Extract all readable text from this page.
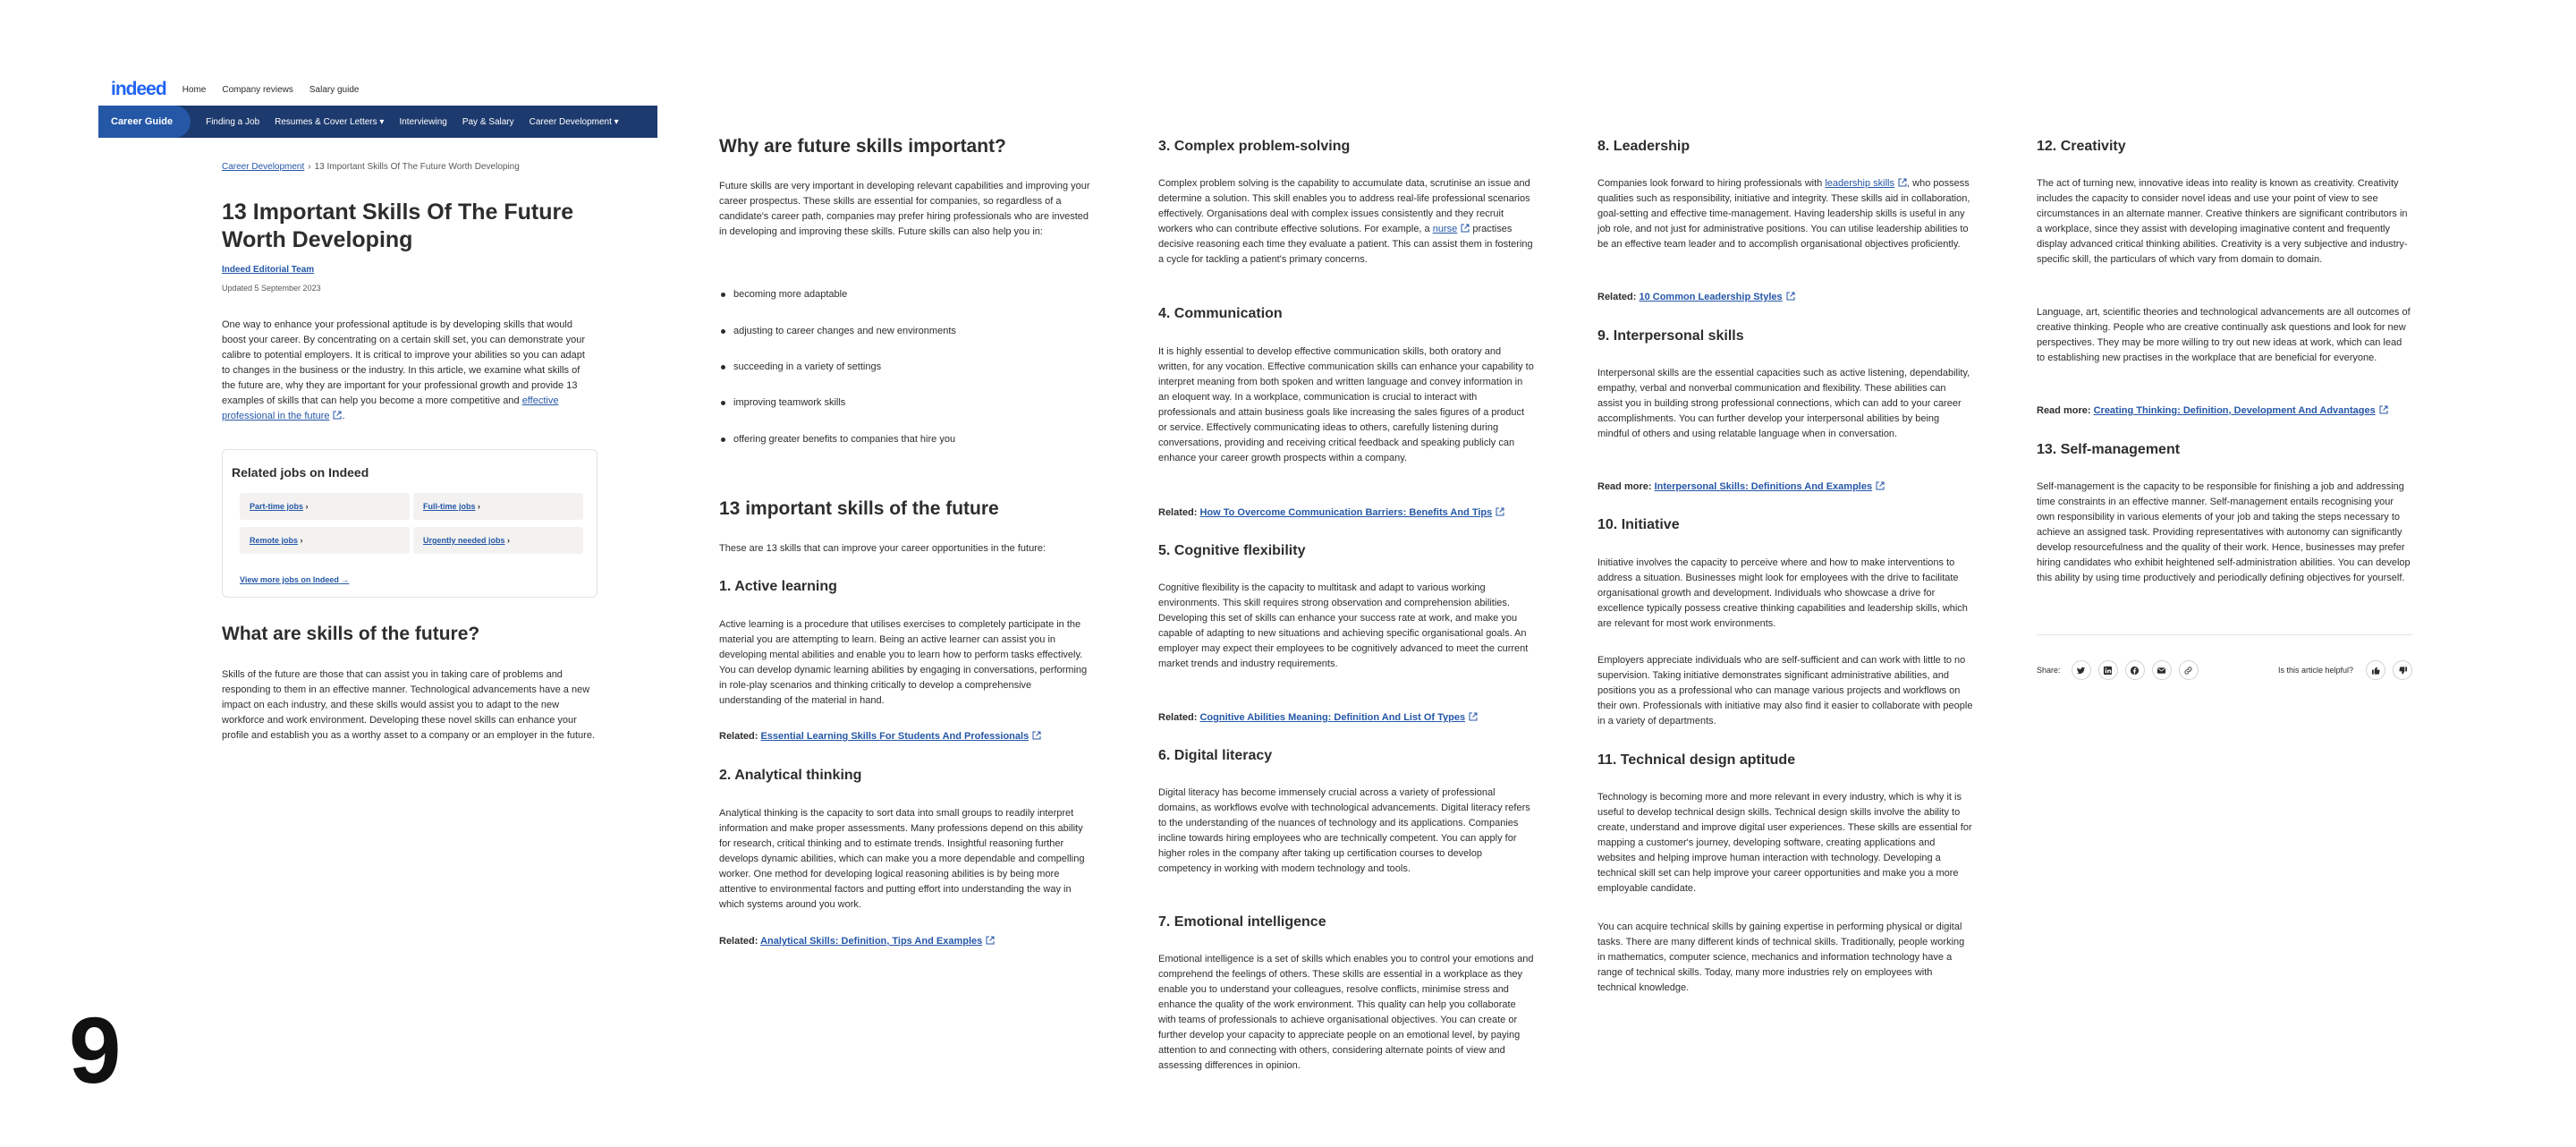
indeed Home Company reviews Salary guide
Career Guide	Finding a Job Resumes & Cover Letters ▾ Interviewing Pay & Salary Career Development ▾
Career Development › 13 Important Skills Of The Future Worth Developing
13 Important Skills Of The Future Worth Developing
Indeed Editorial Team
Updated 5 September 2023

One way to enhance your professional aptitude is by developing skills that would boost your career. By concentrating on a certain skill set, you can demonstrate your calibre to potential employers. It is critical to improve your abilities so you can adapt to changes in the business or the industry. In this article, we examine what skills of the future are, why they are important for your professional growth and provide 13 examples of skills that can help you become a more competitive and effective professional in the future .

Related jobs on Indeed
Part-time jobs ›	Full-time jobs ›
Remote jobs ›	Urgently needed jobs ›
View more jobs on Indeed →
What are skills of the future?

Skills of the future are those that can assist you in taking care of problems and responding to them in an effective manner. Technological advancements have a new impact on each industry, and these skills would assist you to adapt to the new workforce and work environment. Developing these novel skills can enhance your profile and establish you as a worthy asset to a company or an employer in the future.

9
Why are future skills important?

Future skills are very important in developing relevant capabilities and improving your career prospectus. These skills are essential for companies, so regardless of a candidate's career path, companies may prefer hiring professionals who are invested in developing and improving these skills. Future skills can also help you in:

becoming more adaptable
adjusting to career changes and new environments
succeeding in a variety of settings
improving teamwork skills
offering greater benefits to companies that hire you
13 important skills of the future

These are 13 skills that can improve your career opportunities in the future:

1. Active learning

Active learning is a procedure that utilises exercises to completely participate in the material you are attempting to learn. Being an active learner can assist you in developing mental abilities and enable you to learn how to perform tasks effectively. You can develop dynamic learning abilities by engaging in conversations, performing in role-play scenarios and thinking critically to develop a comprehensive understanding of the material in hand.

Related: Essential Learning Skills For Students And Professionals
2. Analytical thinking

Analytical thinking is the capacity to sort data into small groups to readily interpret information and make proper assessments. Many professions depend on this ability for research, critical thinking and to estimate trends. Insightful reasoning further develops dynamic abilities, which can make you a more dependable and compelling worker. One method for developing logical reasoning abilities is by being more attentive to environmental factors and putting effort into understanding the way in which systems around you work.

Related: Analytical Skills: Definition, Tips And Examples
3. Complex problem-solving

Complex problem solving is the capability to accumulate data, scrutinise an issue and determine a solution. This skill enables you to address real-life professional scenarios effectively. Organisations deal with complex issues consistently and they recruit workers who can contribute effective solutions. For example, a nurse practises decisive reasoning each time they evaluate a patient. This can assist them in fostering a cycle for tackling a patient's primary concerns.

4. Communication

It is highly essential to develop effective communication skills, both oratory and written, for any vocation. Effective communication skills can enhance your capability to interpret meaning from both spoken and written language and convey information in an eloquent way. In a workplace, communication is crucial to interact with professionals and attain business goals like increasing the sales figures of a product or service. Effectively communicating ideas to others, carefully listening during conversations, providing and receiving critical feedback and speaking publicly can enhance your career growth prospects within a company.

Related: How To Overcome Communication Barriers: Benefits And Tips
5. Cognitive flexibility

Cognitive flexibility is the capacity to multitask and adapt to various working environments. This skill requires strong observation and comprehension abilities. Developing this set of skills can enhance your success rate at work, and make you capable of adapting to new situations and achieving specific organisational goals. An employer may expect their employees to be cognitively advanced to meet the current market trends and industry requirements.

Related: Cognitive Abilities Meaning: Definition And List Of Types
6. Digital literacy

Digital literacy has become immensely crucial across a variety of professional domains, as workflows evolve with technological advancements. Digital literacy refers to the understanding of the nuances of technology and its applications. Companies incline towards hiring employees who are technically competent. You can apply for higher roles in the company after taking up certification courses to develop competency in working with modern technology and tools.

7. Emotional intelligence

Emotional intelligence is a set of skills which enables you to control your emotions and comprehend the feelings of others. These skills are essential in a workplace as they enable you to understand your colleagues, resolve conflicts, minimise stress and enhance the quality of the work environment. This quality can help you collaborate with teams of professionals to achieve organisational objectives. You can create or further develop your capacity to appreciate people on an emotional level, by paying attention to and connecting with others, considering alternate points of view and assessing differences in opinion.

8. Leadership

Companies look forward to hiring professionals with leadership skills , who possess qualities such as responsibility, initiative and integrity. These skills aid in collaboration, goal-setting and effective time-management. Having leadership skills is useful in any job role, and not just for administrative positions. You can utilise leadership abilities to be an effective team leader and to accomplish organisational objectives proficiently.

Related: 10 Common Leadership Styles
9. Interpersonal skills

Interpersonal skills are the essential capacities such as active listening, dependability, empathy, verbal and nonverbal communication and flexibility. These abilities can assist you in building strong professional connections, which can add to your career accomplishments. You can further develop your interpersonal abilities by being mindful of others and using relatable language when in conversation.

Read more: Interpersonal Skills: Definitions And Examples
10. Initiative

Initiative involves the capacity to perceive where and how to make interventions to address a situation. Businesses might look for employees with the drive to facilitate organisational growth and development. Individuals who showcase a drive for excellence typically possess creative thinking capabilities and leadership skills, which are relevant for most work environments.

Employers appreciate individuals who are self-sufficient and can work with little to no supervision. Taking initiative demonstrates significant administrative abilities, and positions you as a professional who can manage various projects and workflows on their own. Professionals with initiative may also find it easier to collaborate with people in a variety of departments.

11. Technical design aptitude

Technology is becoming more and more relevant in every industry, which is why it is useful to develop technical design skills. Technical design skills involve the ability to create, understand and improve digital user experiences. These skills are essential for mapping a customer's journey, developing software, creating applications and websites and helping improve human interaction with technology. Developing a technical skill set can help improve your career opportunities and make you a more employable candidate.

You can acquire technical skills by gaining expertise in performing physical or digital tasks. There are many different kinds of technical skills. Traditionally, people working in mathematics, computer science, mechanics and information technology have a range of technical skills. Today, many more industries rely on employees with technical knowledge.

12. Creativity

The act of turning new, innovative ideas into reality is known as creativity. Creativity includes the capacity to consider novel ideas and use your point of view to see circumstances in an alternate manner. Creative thinkers are significant contributors in a workplace, since they assist with developing imaginative content and frequently display advanced critical thinking abilities. Creativity is a very subjective and industry-specific skill, the particulars of which vary from domain to domain.

Language, art, scientific theories and technological advancements are all outcomes of creative thinking. People who are creative continually ask questions and look for new perspectives. They may be more willing to try out new ideas at work, which can lead to establishing new practises in the workplace that are beneficial for everyone.

Read more: Creating Thinking: Definition, Development And Advantages
13. Self-management

Self-management is the capacity to be responsible for finishing a job and addressing time constraints in an effective manner. Self-management entails recognising your own responsibility in various elements of your job and taking the steps necessary to achieve an assigned task. Providing representatives with autonomy can significantly develop resourcefulness and the quality of their work. Hence, businesses may prefer hiring candidates who exhibit heightened self-administration abilities. You can develop this ability by using time productively and periodically defining objectives for yourself.

Share:	Is this article helpful?
